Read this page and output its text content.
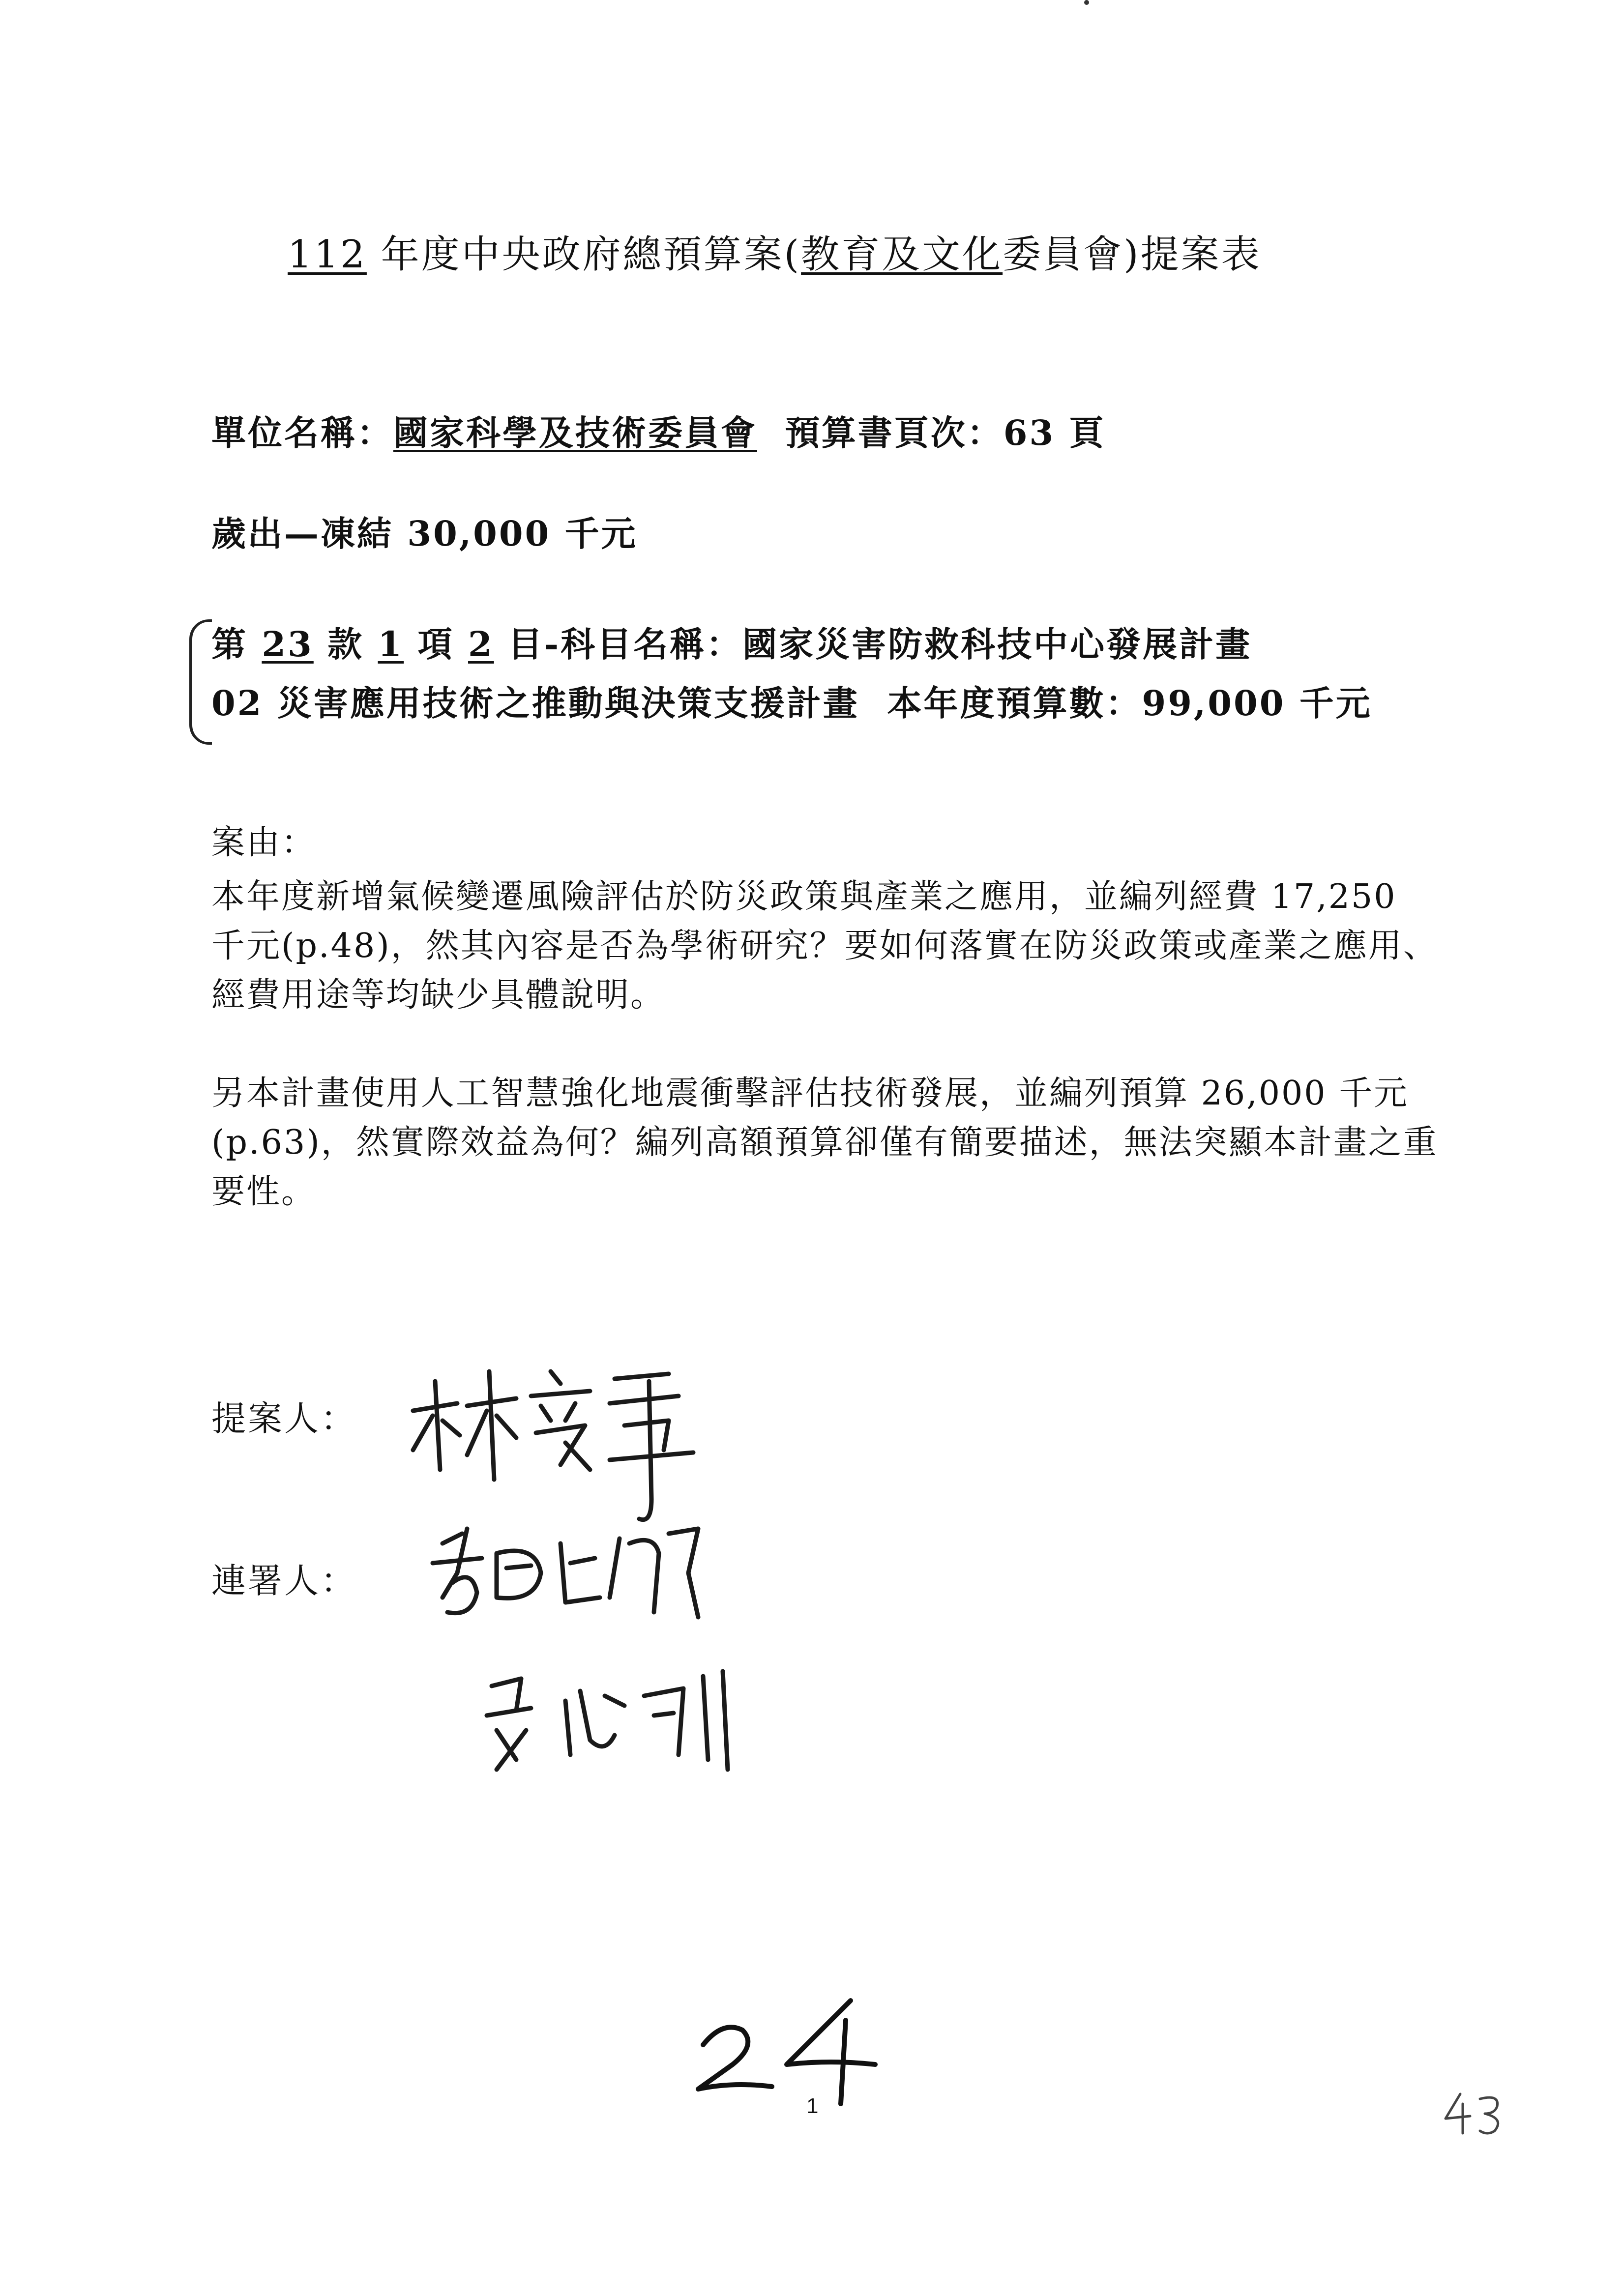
112 年度中央政府總預算案(教育及文化委員會)提案表
單位名稱：國家科學及技術委員會  預算書頁次：63 頁
歲出—凍結 30,000 千元
第 23 款 1 項 2 目-科目名稱：國家災害防救科技中心發展計畫
02 災害應用技術之推動與決策支援計畫  本年度預算數：99,000 千元
案由：
本年度新增氣候變遷風險評估於防災政策與產業之應用，並編列經費 17,250 千元(p.48)，然其內容是否為學術研究？要如何落實在防災政策或產業之應用、經費用途等均缺少具體說明。
另本計畫使用人工智慧強化地震衝擊評估技術發展，並編列預算 26,000 千元(p.63)，然實際效益為何？編列高額預算卻僅有簡要描述，無法突顯本計畫之重要性。
提案人：
連署人：
1
